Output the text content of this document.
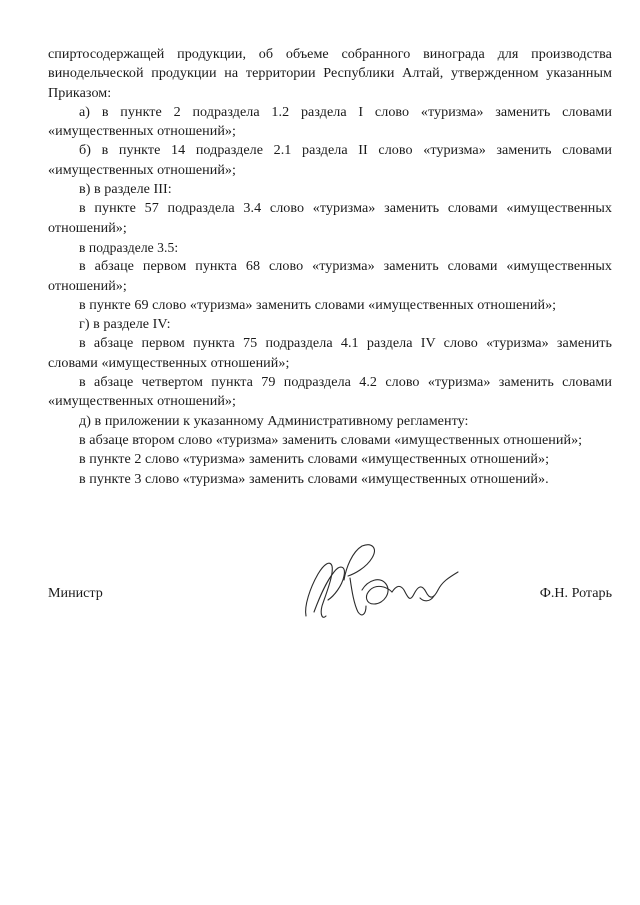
спиртосодержащей продукции, об объеме собранного винограда для производства винодельческой продукции на территории Республики Алтай, утвержденном указанным Приказом:

а) в пункте 2 подраздела 1.2 раздела I слово «туризма» заменить словами «имущественных отношений»;

б) в пункте 14 подразделе 2.1 раздела II слово «туризма» заменить словами «имущественных отношений»;

в) в разделе III:

в пункте 57 подраздела 3.4 слово «туризма» заменить словами «имущественных отношений»;

в подразделе 3.5:

в абзаце первом пункта 68 слово «туризма» заменить словами «имущественных отношений»;

в пункте 69 слово «туризма» заменить словами «имущественных отношений»;

г) в разделе IV:

в абзаце первом пункта 75 подраздела 4.1 раздела IV слово «туризма» заменить словами «имущественных отношений»;

в абзаце четвертом пункта 79 подраздела 4.2 слово «туризма» заменить словами «имущественных отношений»;

д) в приложении к указанному Административному регламенту:

в абзаце втором слово «туризма» заменить словами «имущественных отношений»;

в пункте 2 слово «туризма» заменить словами «имущественных отношений»;

в пункте 3 слово «туризма» заменить словами «имущественных отношений».

Министр	Ф.Н. Ротарь
